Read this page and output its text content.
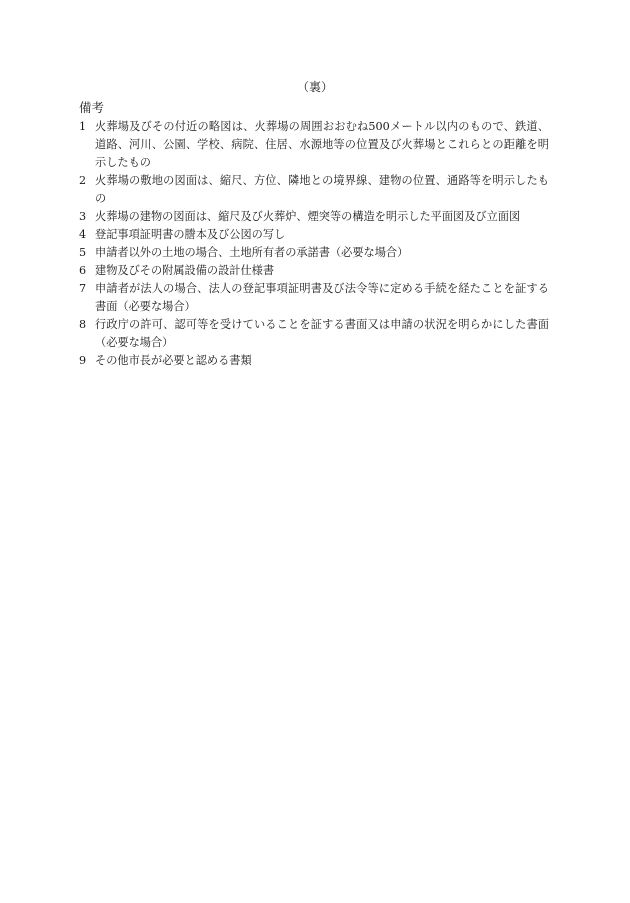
（裏）
備考
1 火葬場及びその付近の略図は、火葬場の周囲おおむね500メートル以内のもので、鉄道、道路、河川、公園、学校、病院、住居、水源地等の位置及び火葬場とこれらとの距離を明示したもの
2 火葬場の敷地の図面は、縮尺、方位、隣地との境界線、建物の位置、通路等を明示したもの
3 火葬場の建物の図面は、縮尺及び火葬炉、煙突等の構造を明示した平面図及び立面図
4 登記事項証明書の謄本及び公図の写し
5 申請者以外の土地の場合、土地所有者の承諾書（必要な場合）
6 建物及びその附属設備の設計仕様書
7 申請者が法人の場合、法人の登記事項証明書及び法令等に定める手続を経たことを証する書面（必要な場合）
8 行政庁の許可、認可等を受けていることを証する書面又は申請の状況を明らかにした書面（必要な場合）
9 その他市長が必要と認める書類
